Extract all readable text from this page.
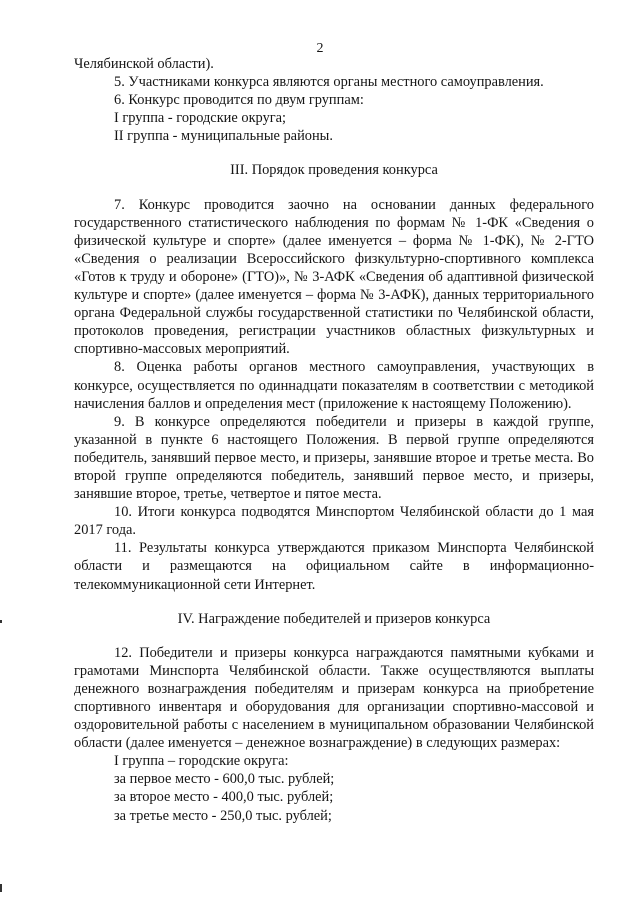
2

Челябинской области).

5. Участниками конкурса являются органы местного самоуправления.

6. Конкурс проводится по двум группам:

I группа - городские округа;

II группа - муниципальные районы.

III. Порядок проведения конкурса

7. Конкурс проводится заочно на основании данных федерального государственного статистического наблюдения по формам № 1-ФК «Сведения о физической культуре и спорте» (далее именуется – форма № 1-ФК), № 2-ГТО «Сведения о реализации Всероссийского физкультурно-спортивного комплекса «Готов к труду и обороне» (ГТО)», № 3-АФК «Сведения об адаптивной физической культуре и спорте» (далее именуется – форма № 3-АФК), данных территориального органа Федеральной службы государственной статистики по Челябинской области, протоколов проведения, регистрации участников областных физкультурных и спортивно-массовых мероприятий.

8. Оценка работы органов местного самоуправления, участвующих в конкурсе, осуществляется по одиннадцати показателям в соответствии с методикой начисления баллов и определения мест (приложение к настоящему Положению).

9. В конкурсе определяются победители и призеры в каждой группе, указанной в пункте 6 настоящего Положения. В первой группе определяются победитель, занявший первое место, и призеры, занявшие второе и третье места. Во второй группе определяются победитель, занявший первое место, и призеры, занявшие второе, третье, четвертое и пятое места.

10. Итоги конкурса подводятся Минспортом Челябинской области до 1 мая 2017 года.

11. Результаты конкурса утверждаются приказом Минспорта Челябинской области и размещаются на официальном сайте в информационно-телекоммуникационной сети Интернет.

IV. Награждение победителей и призеров конкурса

12. Победители и призеры конкурса награждаются памятными кубками и грамотами Минспорта Челябинской области. Также осуществляются выплаты денежного вознаграждения победителям и призерам конкурса на приобретение спортивного инвентаря и оборудования для организации спортивно-массовой и оздоровительной работы с населением в муниципальном образовании Челябинской области (далее именуется – денежное вознаграждение) в следующих размерах:

I группа – городские округа:

за первое место - 600,0 тыс. рублей;

за второе место - 400,0 тыс. рублей;

за третье место - 250,0 тыс. рублей;
